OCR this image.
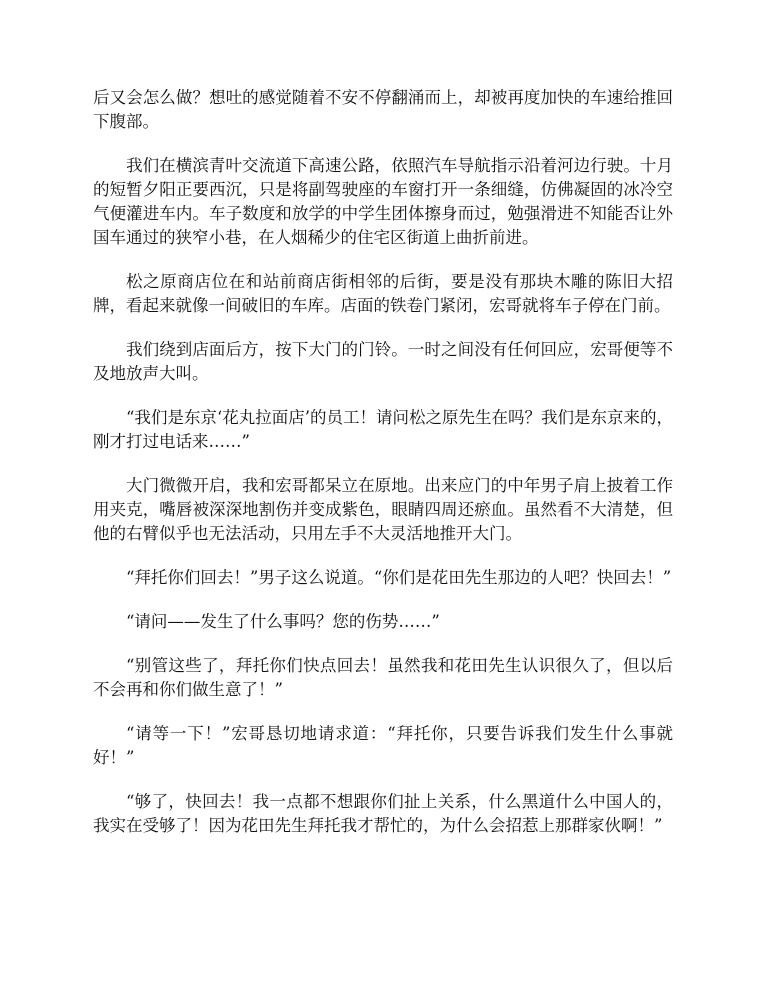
后又会怎么做？想吐的感觉随着不安不停翻涌而上，却被再度加快的车速给推回下腹部。

我们在横滨青叶交流道下高速公路，依照汽车导航指示沿着河边行驶。十月的短暂夕阳正要西沉，只是将副驾驶座的车窗打开一条细缝，仿佛凝固的冰冷空气便灌进车内。车子数度和放学的中学生团体擦身而过，勉强滑进不知能否让外国车通过的狭窄小巷，在人烟稀少的住宅区街道上曲折前进。

松之原商店位在和站前商店街相邻的后街，要是没有那块木雕的陈旧大招牌，看起来就像一间破旧的车库。店面的铁卷门紧闭，宏哥就将车子停在门前。

我们绕到店面后方，按下大门的门铃。一时之间没有任何回应，宏哥便等不及地放声大叫。

“我们是东京‘花丸拉面店’的员工！请问松之原先生在吗？我们是东京来的，刚才打过电话来……”

大门微微开启，我和宏哥都呆立在原地。出来应门的中年男子肩上披着工作用夹克，嘴唇被深深地割伤并变成紫色，眼睛四周还瘀血。虽然看不大清楚，但他的右臂似乎也无法活动，只用左手不大灵活地推开大门。

“拜托你们回去！”男子这么说道。“你们是花田先生那边的人吧？快回去！”

“请问——发生了什么事吗？您的伤势……”

“别管这些了，拜托你们快点回去！虽然我和花田先生认识很久了，但以后不会再和你们做生意了！”

“请等一下！”宏哥恳切地请求道：“拜托你，只要告诉我们发生什么事就好！”

“够了，快回去！我一点都不想跟你们扯上关系，什么黑道什么中国人的，我实在受够了！因为花田先生拜托我才帮忙的，为什么会招惹上那群家伙啊！”
